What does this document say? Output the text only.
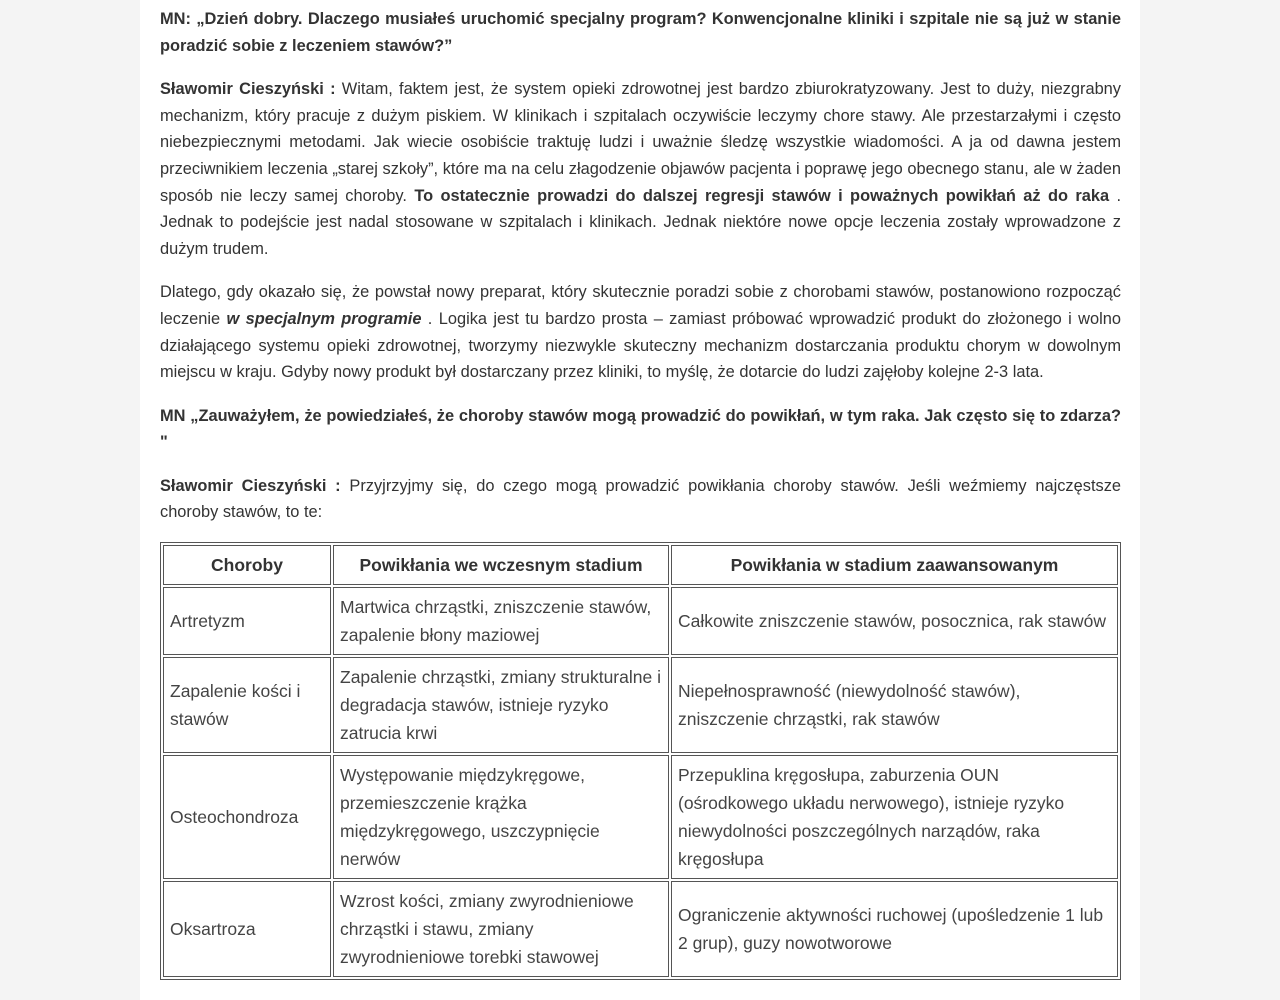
MN: „Dzień dobry. Dlaczego musiałeś uruchomić specjalny program? Konwencjonalne kliniki i szpitale nie są już w stanie poradzić sobie z leczeniem stawów?”

Sławomir Cieszyński : Witam, faktem jest, że system opieki zdrowotnej jest bardzo zbiurokratyzowany. Jest to duży, niezgrabny mechanizm, który pracuje z dużym piskiem. W klinikach i szpitalach oczywiście leczymy chore stawy. Ale przestarzałymi i często niebezpiecznymi metodami. Jak wiecie osobiście traktuję ludzi i uważnie śledzę wszystkie wiadomości. A ja od dawna jestem przeciwnikiem leczenia „starej szkoły”, które ma na celu złagodzenie objawów pacjenta i poprawę jego obecnego stanu, ale w żaden sposób nie leczy samej choroby. To ostatecznie prowadzi do dalszej regresji stawów i poważnych powikłań aż do raka . Jednak to podejście jest nadal stosowane w szpitalach i klinikach. Jednak niektóre nowe opcje leczenia zostały wprowadzone z dużym trudem.

Dlatego, gdy okazało się, że powstał nowy preparat, który skutecznie poradzi sobie z chorobami stawów, postanowiono rozpocząć leczenie w specjalnym programie . Logika jest tu bardzo prosta – zamiast próbować wprowadzić produkt do złożonego i wolno działającego systemu opieki zdrowotnej, tworzymy niezwykle skuteczny mechanizm dostarczania produktu chorym w dowolnym miejscu w kraju. Gdyby nowy produkt był dostarczany przez kliniki, to myślę, że dotarcie do ludzi zajęłoby kolejne 2-3 lata.

MN „Zauważyłem, że powiedziałeś, że choroby stawów mogą prowadzić do powikłań, w tym raka. Jak często się to zdarza? "

Sławomir Cieszyński : Przyjrzyjmy się, do czego mogą prowadzić powikłania choroby stawów. Jeśli weźmiemy najczęstsze choroby stawów, to te:

Choroby	Powikłania we wczesnym stadium	Powikłania w stadium zaawansowanym
Artretyzm	Martwica chrząstki, zniszczenie stawów, zapalenie błony maziowej	Całkowite zniszczenie stawów, posocznica, rak stawów
Zapalenie kości i stawów	Zapalenie chrząstki, zmiany strukturalne i degradacja stawów, istnieje ryzyko zatrucia krwi	Niepełnosprawność (niewydolność stawów), zniszczenie chrząstki, rak stawów
Osteochondroza	Występowanie międzykręgowe, przemieszczenie krążka międzykręgowego, uszczypnięcie nerwów	Przepuklina kręgosłupa, zaburzenia OUN (ośrodkowego układu nerwowego), istnieje ryzyko niewydolności poszczególnych narządów, raka kręgosłupa
Oksartroza	Wzrost kości, zmiany zwyrodnieniowe chrząstki i stawu, zmiany zwyrodnieniowe torebki stawowej	Ograniczenie aktywności ruchowej (upośledzenie 1 lub 2 grup), guzy nowotworowe
